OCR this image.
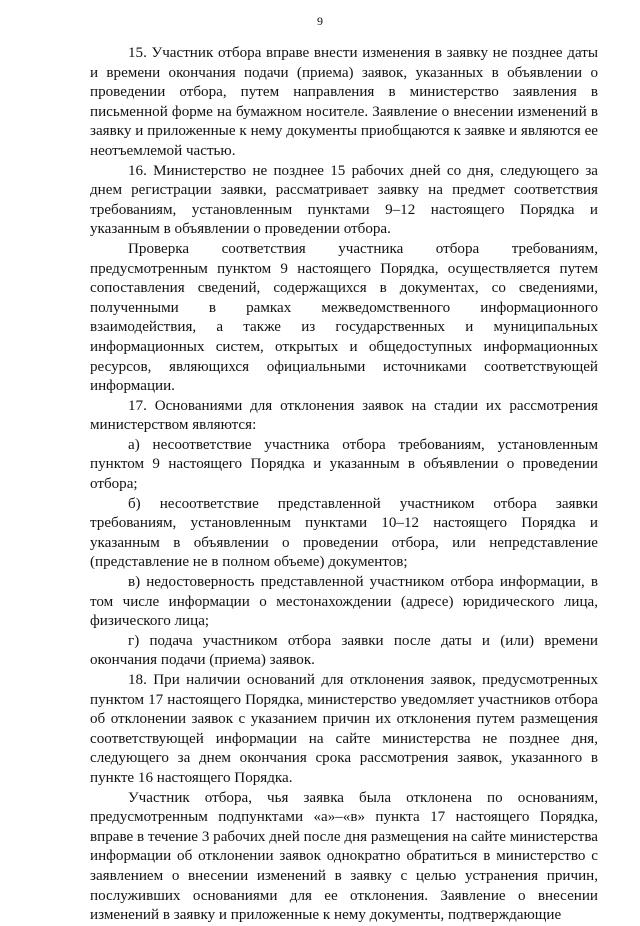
9

15. Участник отбора вправе внести изменения в заявку не позднее даты и времени окончания подачи (приема) заявок, указанных в объявлении о проведении отбора, путем направления в министерство заявления в письменной форме на бумажном носителе. Заявление о внесении изменений в заявку и приложенные к нему документы приобщаются к заявке и являются ее неотъемлемой частью.

16. Министерство не позднее 15 рабочих дней со дня, следующего за днем регистрации заявки, рассматривает заявку на предмет соответствия требованиям, установленным пунктами 9–12 настоящего Порядка и указанным в объявлении о проведении отбора.

Проверка соответствия участника отбора требованиям, предусмотренным пунктом 9 настоящего Порядка, осуществляется путем сопоставления сведений, содержащихся в документах, со сведениями, полученными в рамках межведомственного информационного взаимодействия, а также из государственных и муниципальных информационных систем, открытых и общедоступных информационных ресурсов, являющихся официальными источниками соответствующей информации.

17. Основаниями для отклонения заявок на стадии их рассмотрения министерством являются:

а) несоответствие участника отбора требованиям, установленным пунктом 9 настоящего Порядка и указанным в объявлении о проведении отбора;

б) несоответствие представленной участником отбора заявки требованиям, установленным пунктами 10–12 настоящего Порядка и указанным в объявлении о проведении отбора, или непредставление (представление не в полном объеме) документов;

в) недостоверность представленной участником отбора информации, в том числе информации о местонахождении (адресе) юридического лица, физического лица;

г) подача участником отбора заявки после даты и (или) времени окончания подачи (приема) заявок.

18. При наличии оснований для отклонения заявок, предусмотренных пунктом 17 настоящего Порядка, министерство уведомляет участников отбора об отклонении заявок с указанием причин их отклонения путем размещения соответствующей информации на сайте министерства не позднее дня, следующего за днем окончания срока рассмотрения заявок, указанного в пункте 16 настоящего Порядка.

Участник отбора, чья заявка была отклонена по основаниям, предусмотренным подпунктами «а»–«в» пункта 17 настоящего Порядка, вправе в течение 3 рабочих дней после дня размещения на сайте министерства информации об отклонении заявок однократно обратиться в министерство с заявлением о внесении изменений в заявку с целью устранения причин, послуживших основаниями для ее отклонения. Заявление о внесении изменений в заявку и приложенные к нему документы, подтверждающие
